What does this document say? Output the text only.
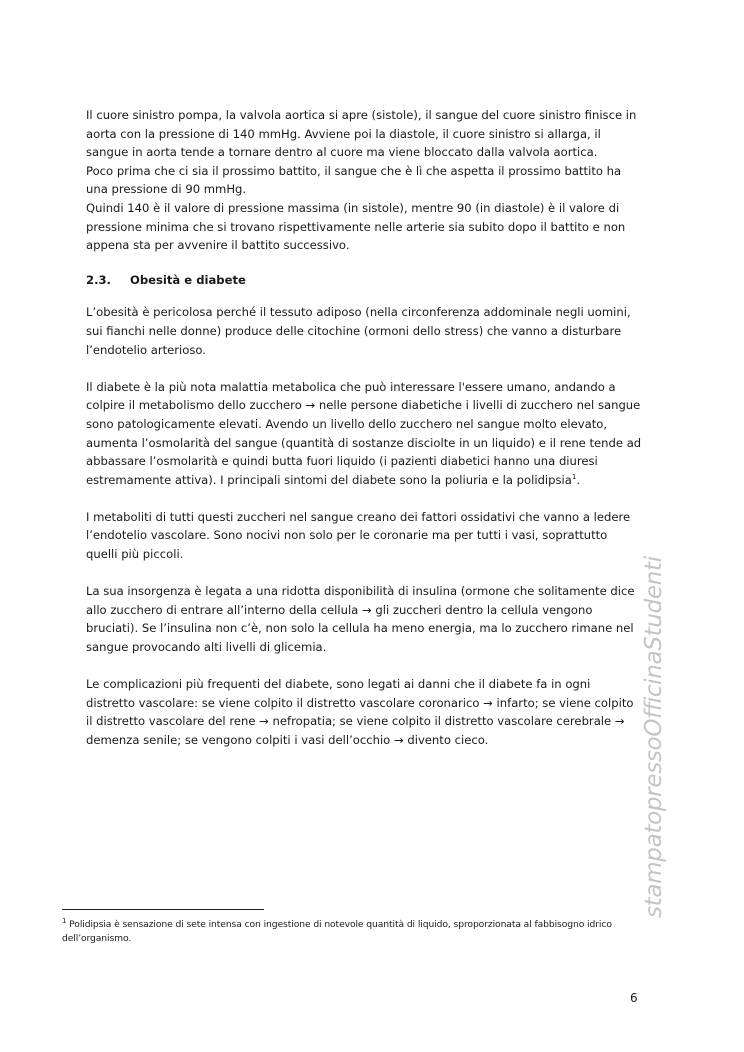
Il cuore sinistro pompa, la valvola aortica si apre (sistole), il sangue del cuore sinistro finisce in aorta con la pressione di 140 mmHg. Avviene poi la diastole, il cuore sinistro si allarga, il sangue in aorta tende a tornare dentro al cuore ma viene bloccato dalla valvola aortica.

Poco prima che ci sia il prossimo battito, il sangue che è lì che aspetta il prossimo battito ha una pressione di 90 mmHg.

Quindi 140 è il valore di pressione massima (in sistole), mentre 90 (in diastole) è il valore di pressione minima che si trovano rispettivamente nelle arterie sia subito dopo il battito e non appena sta per avvenire il battito successivo.

2.3.	Obesità e diabete

L’obesità è pericolosa perché il tessuto adiposo (nella circonferenza addominale negli uomini, sui fianchi nelle donne) produce delle citochine (ormoni dello stress) che vanno a disturbare l’endotelio arterioso.

Il diabete è la più nota malattia metabolica che può interessare l'essere umano, andando a colpire il metabolismo dello zucchero → nelle persone diabetiche i livelli di zucchero nel sangue sono patologicamente elevati. Avendo un livello dello zucchero nel sangue molto elevato, aumenta l’osmolarità del sangue (quantità di sostanze disciolte in un liquido) e il rene tende ad abbassare l’osmolarità e quindi butta fuori liquido (i pazienti diabetici hanno una diuresi estremamente attiva). I principali sintomi del diabete sono la poliuria e la polidipsia$^1$.

I metaboliti di tutti questi zuccheri nel sangue creano dei fattori ossidativi che vanno a ledere l’endotelio vascolare. Sono nocivi non solo per le coronarie ma per tutti i vasi, soprattutto quelli più piccoli.

La sua insorgenza è legata a una ridotta disponibilità di insulina (ormone che solitamente dice allo zucchero di entrare all’interno della cellula → gli zuccheri dentro la cellula vengono bruciati). Se l’insulina non c’è, non solo la cellula ha meno energia, ma lo zucchero rimane nel sangue provocando alti livelli di glicemia.

Le complicazioni più frequenti del diabete, sono legati ai danni che il diabete fa in ogni distretto vascolare: se viene colpito il distretto vascolare coronarico → infarto; se viene colpito il distretto vascolare del rene → nefropatia; se viene colpito il distretto vascolare cerebrale → demenza senile; se vengono colpiti i vasi dell’occhio → divento cieco.

$^1$ Polidipsia è sensazione di sete intensa con ingestione di notevole quantità di liquido, sproporzionata al fabbisogno idrico dell’organismo.
stampatopressoOfficinaStudenti
6
